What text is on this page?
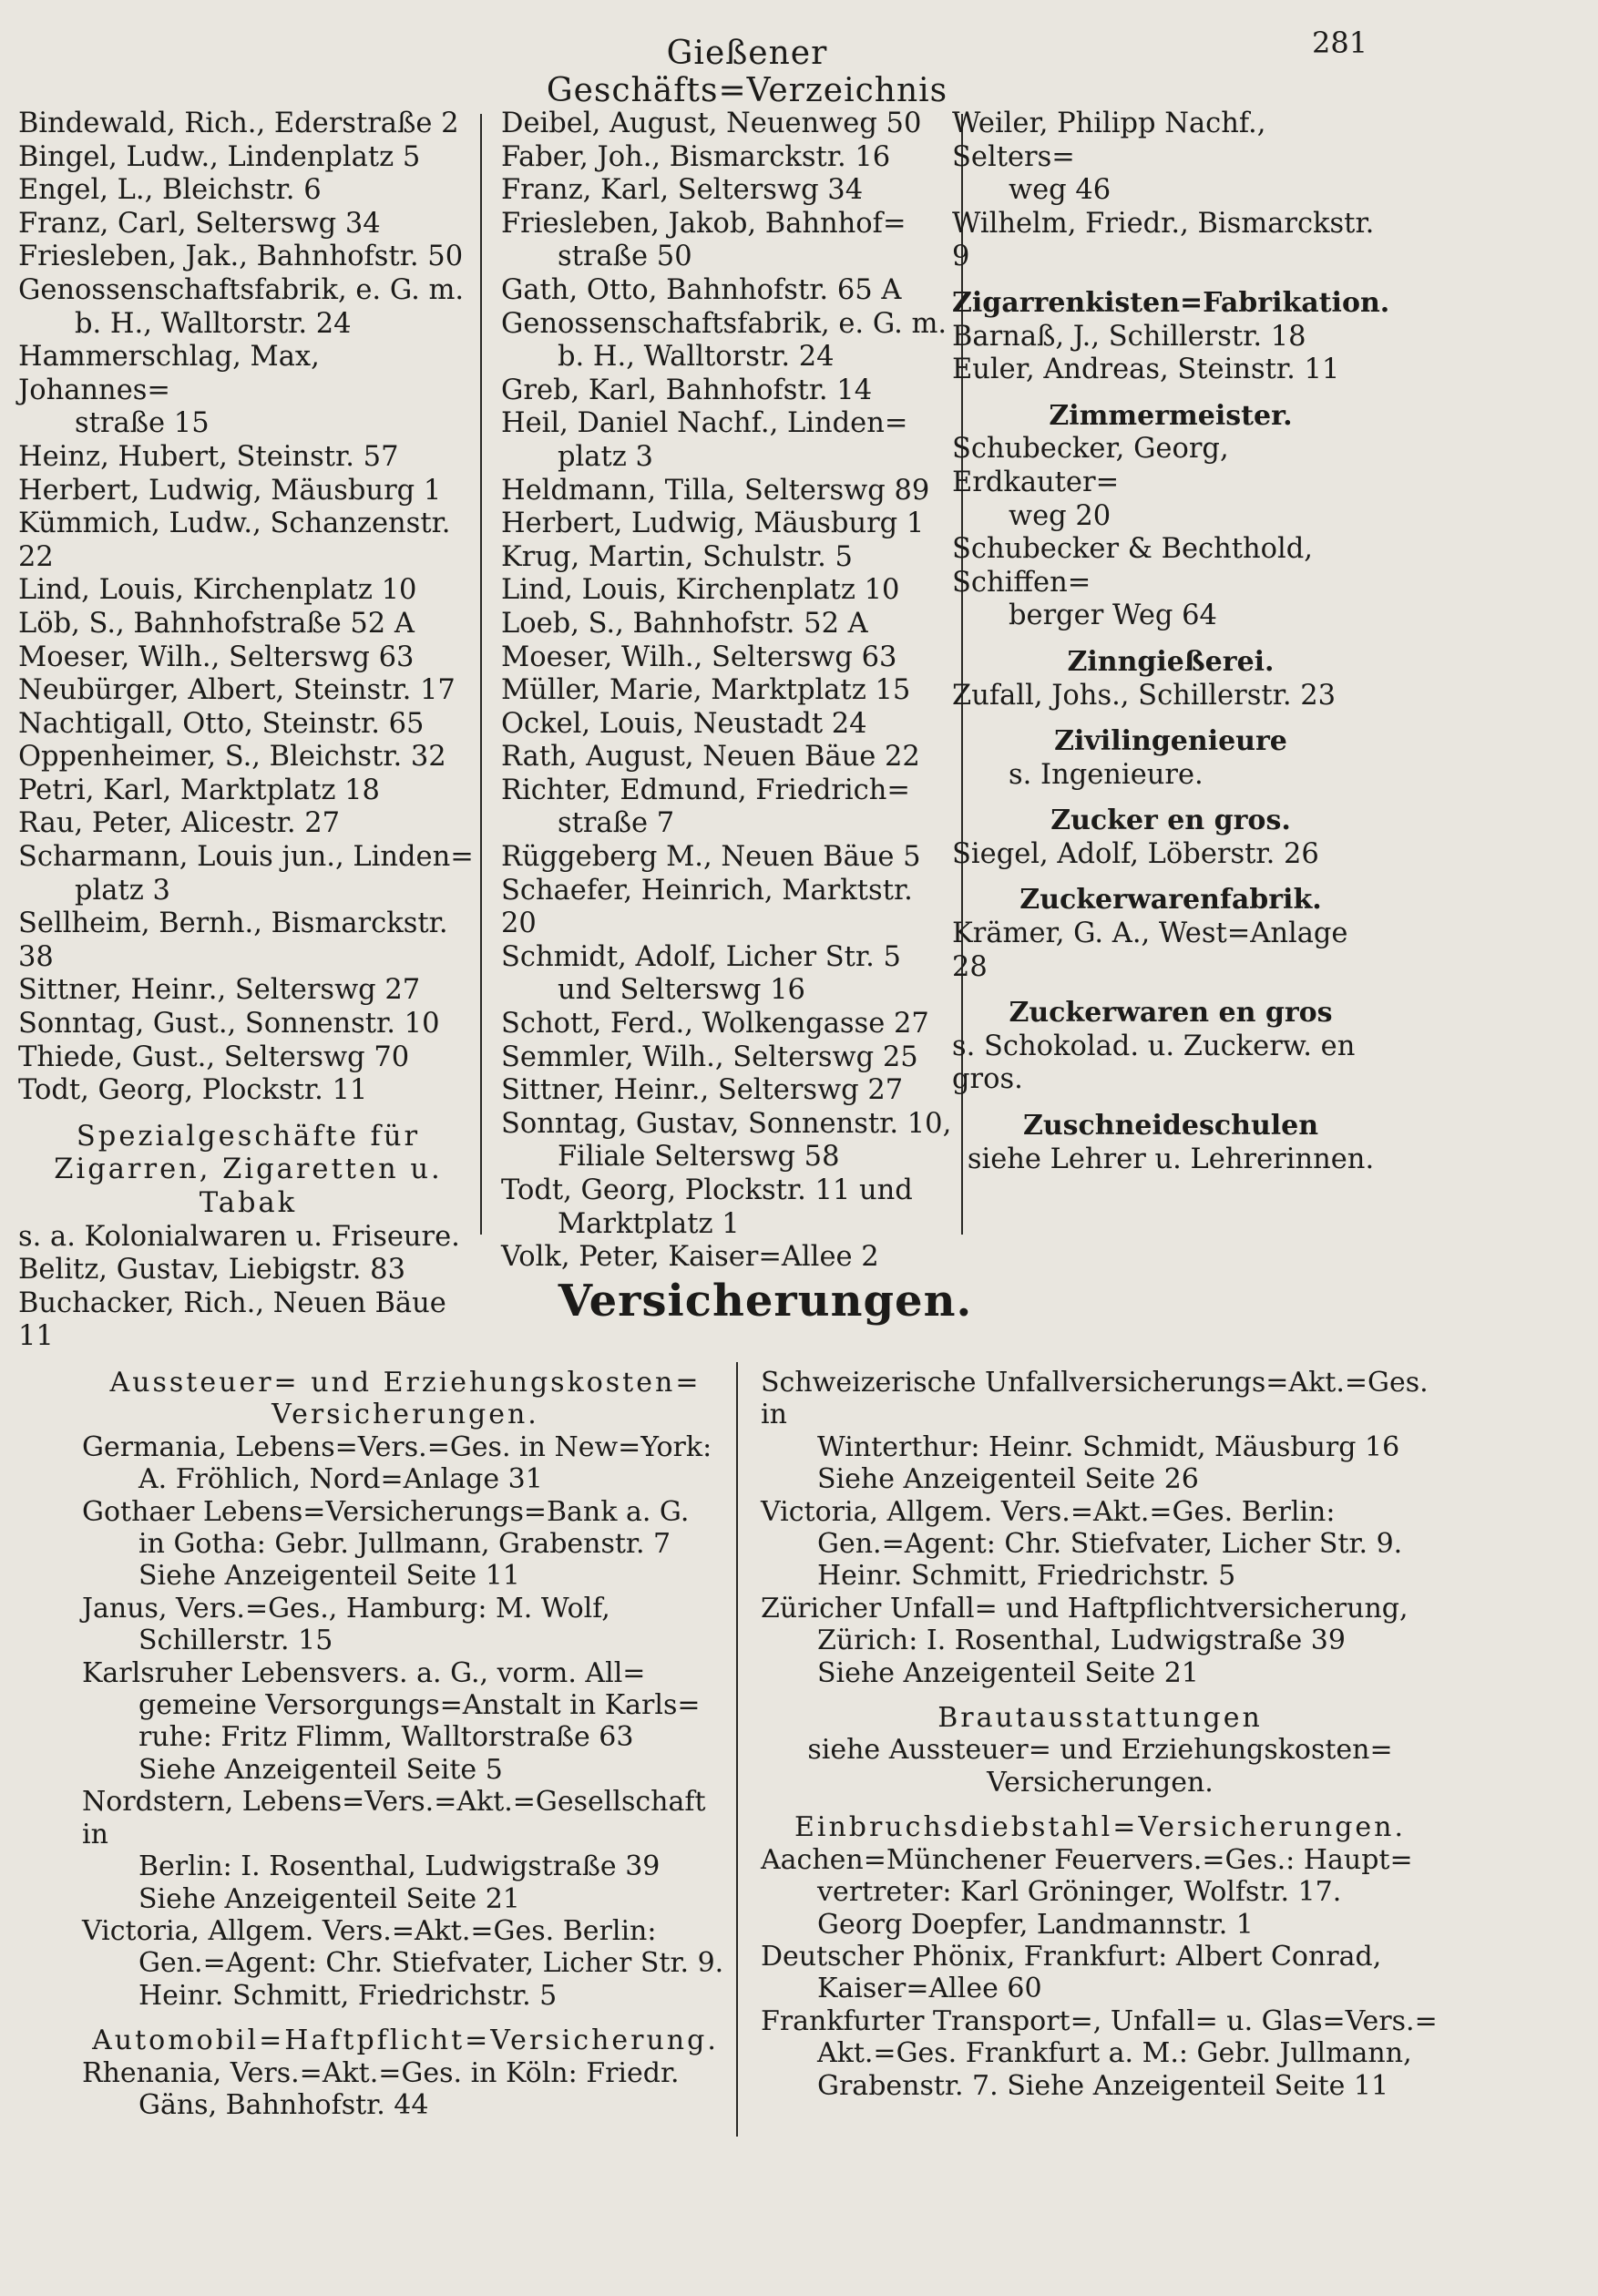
Gießener Geschäfts=Verzeichnis
281

Bindewald, Rich., Ederstraße 2

Bingel, Ludw., Lindenplatz 5

Engel, L., Bleichstr. 6

Franz, Carl, Selterswg 34

Friesleben, Jak., Bahnhofstr. 50

Genossenschaftsfabrik, e. G. m.

b. H., Walltorstr. 24

Hammerschlag, Max, Johannes=

straße 15

Heinz, Hubert, Steinstr. 57

Herbert, Ludwig, Mäusburg 1

Kümmich, Ludw., Schanzenstr. 22

Lind, Louis, Kirchenplatz 10

Löb, S., Bahnhofstraße 52 A

Moeser, Wilh., Selterswg 63

Neubürger, Albert, Steinstr. 17

Nachtigall, Otto, Steinstr. 65

Oppenheimer, S., Bleichstr. 32

Petri, Karl, Marktplatz 18

Rau, Peter, Alicestr. 27

Scharmann, Louis jun., Linden=

platz 3

Sellheim, Bernh., Bismarckstr. 38

Sittner, Heinr., Selterswg 27

Sonntag, Gust., Sonnenstr. 10

Thiede, Gust., Selterswg 70

Todt, Georg, Plockstr. 11

Spezialgeschäfte für

Zigarren, Zigaretten u.

Tabak

s. a. Kolonialwaren u. Friseure.

Belitz, Gustav, Liebigstr. 83

Buchacker, Rich., Neuen Bäue 11

Deibel, August, Neuenweg 50

Faber, Joh., Bismarckstr. 16

Franz, Karl, Selterswg 34

Friesleben, Jakob, Bahnhof=

straße 50

Gath, Otto, Bahnhofstr. 65 A

Genossenschaftsfabrik, e. G. m.

b. H., Walltorstr. 24

Greb, Karl, Bahnhofstr. 14

Heil, Daniel Nachf., Linden=

platz 3

Heldmann, Tilla, Selterswg 89

Herbert, Ludwig, Mäusburg 1

Krug, Martin, Schulstr. 5

Lind, Louis, Kirchenplatz 10

Loeb, S., Bahnhofstr. 52 A

Moeser, Wilh., Selterswg 63

Müller, Marie, Marktplatz 15

Ockel, Louis, Neustadt 24

Rath, August, Neuen Bäue 22

Richter, Edmund, Friedrich=

straße 7

Rüggeberg M., Neuen Bäue 5

Schaefer, Heinrich, Marktstr. 20

Schmidt, Adolf, Licher Str. 5

und Selterswg 16

Schott, Ferd., Wolkengasse 27

Semmler, Wilh., Selterswg 25

Sittner, Heinr., Selterswg 27

Sonntag, Gustav, Sonnenstr. 10,

Filiale Selterswg 58

Todt, Georg, Plockstr. 11 und

Marktplatz 1

Volk, Peter, Kaiser=Allee 2

Weiler, Philipp Nachf., Selters=

weg 46

Wilhelm, Friedr., Bismarckstr. 9

Zigarrenkisten=Fabrikation.

Barnaß, J., Schillerstr. 18

Euler, Andreas, Steinstr. 11

Zimmermeister.

Schubecker, Georg, Erdkauter=

weg 20

Schubecker & Bechthold, Schiffen=

berger Weg 64

Zinngießerei.

Zufall, Johs., Schillerstr. 23

Zivilingenieure

s. Ingenieure.

Zucker en gros.

Siegel, Adolf, Löberstr. 26

Zuckerwarenfabrik.

Krämer, G. A., West=Anlage 28

Zuckerwaren en gros

s. Schokolad. u. Zuckerw. en gros.

Zuschneideschulen

siehe Lehrer u. Lehrerinnen.

Versicherungen.

Aussteuer= und Erziehungskosten=

Versicherungen.

Germania, Lebens=Vers.=Ges. in New=York:

A. Fröhlich, Nord=Anlage 31

Gothaer Lebens=Versicherungs=Bank a. G.

in Gotha: Gebr. Jullmann, Grabenstr. 7

Siehe Anzeigenteil Seite 11

Janus, Vers.=Ges., Hamburg: M. Wolf,

Schillerstr. 15

Karlsruher Lebensvers. a. G., vorm. All=

gemeine Versorgungs=Anstalt in Karls=

ruhe: Fritz Flimm, Walltorstraße 63

Siehe Anzeigenteil Seite 5

Nordstern, Lebens=Vers.=Akt.=Gesellschaft in

Berlin: I. Rosenthal, Ludwigstraße 39

Siehe Anzeigenteil Seite 21

Victoria, Allgem. Vers.=Akt.=Ges. Berlin:

Gen.=Agent: Chr. Stiefvater, Licher Str. 9.

Heinr. Schmitt, Friedrichstr. 5

Automobil=Haftpflicht=Versicherung.

Rhenania, Vers.=Akt.=Ges. in Köln: Friedr.

Gäns, Bahnhofstr. 44

Schweizerische Unfallversicherungs=Akt.=Ges. in

Winterthur: Heinr. Schmidt, Mäusburg 16

Siehe Anzeigenteil Seite 26

Victoria, Allgem. Vers.=Akt.=Ges. Berlin:

Gen.=Agent: Chr. Stiefvater, Licher Str. 9.

Heinr. Schmitt, Friedrichstr. 5

Züricher Unfall= und Haftpflichtversicherung,

Zürich: I. Rosenthal, Ludwigstraße 39

Siehe Anzeigenteil Seite 21

Brautausstattungen

siehe Aussteuer= und Erziehungskosten=

Versicherungen.

Einbruchsdiebstahl=Versicherungen.

Aachen=Münchener Feuervers.=Ges.: Haupt=

vertreter: Karl Gröninger, Wolfstr. 17.

Georg Doepfer, Landmannstr. 1

Deutscher Phönix, Frankfurt: Albert Conrad,

Kaiser=Allee 60

Frankfurter Transport=, Unfall= u. Glas=Vers.=

Akt.=Ges. Frankfurt a. M.: Gebr. Jullmann,

Grabenstr. 7. Siehe Anzeigenteil Seite 11
